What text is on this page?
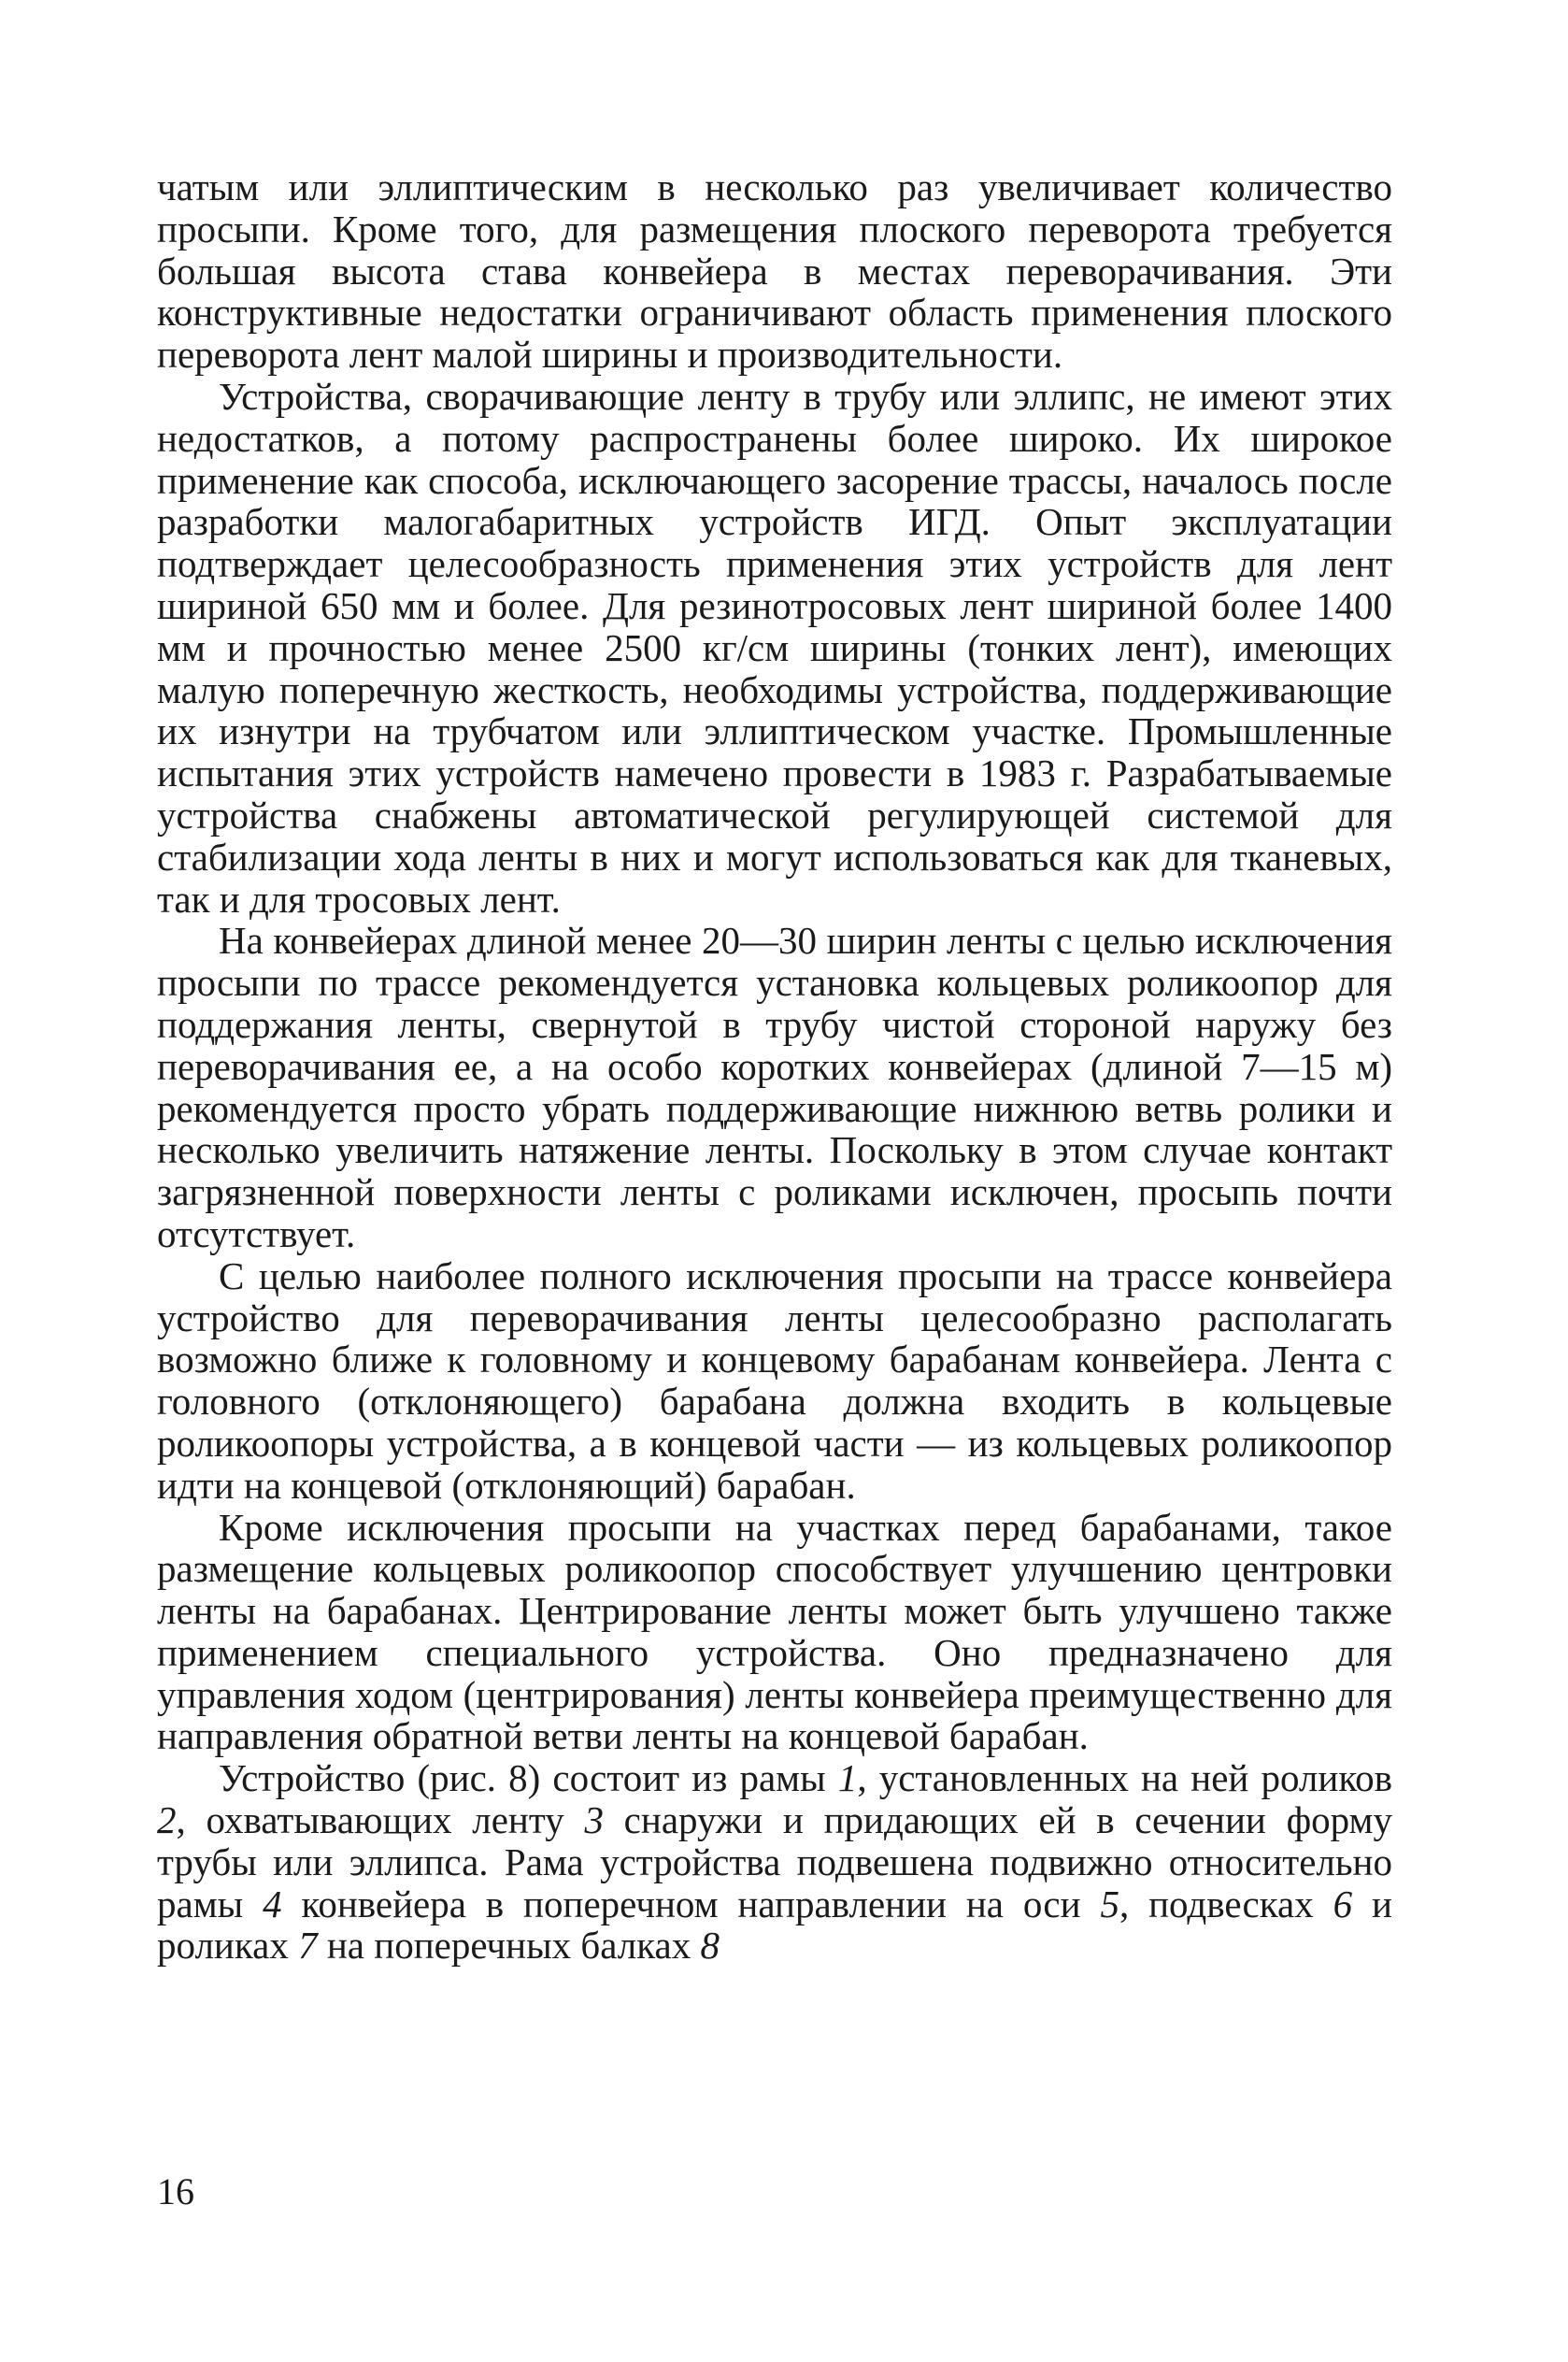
чатым или эллиптическим в несколько раз увеличивает количество просыпи. Кроме того, для размещения плоского переворота требуется большая высота става конвейера в местах переворачивания. Эти конструктивные недостатки ограничивают область применения плоского переворота лент малой ширины и производительности.

Устройства, сворачивающие ленту в трубу или эллипс, не имеют этих недостатков, а потому распространены более широко. Их широкое применение как способа, исключающего засорение трассы, началось после разработки малогабаритных устройств ИГД. Опыт эксплуатации подтверждает целесообразность применения этих устройств для лент шириной 650 мм и более. Для резинотросовых лент шириной более 1400 мм и прочностью менее 2500 кг/см ширины (тонких лент), имеющих малую поперечную жесткость, необходимы устройства, поддерживающие их изнутри на трубчатом или эллиптическом участке. Промышленные испытания этих устройств намечено провести в 1983 г. Разрабатываемые устройства снабжены автоматической регулирующей системой для стабилизации хода ленты в них и могут использоваться как для тканевых, так и для тросовых лент.

На конвейерах длиной менее 20—30 ширин ленты с целью исключения просыпи по трассе рекомендуется установка кольцевых роликоопор для поддержания ленты, свернутой в трубу чистой стороной наружу без переворачивания ее, а на особо коротких конвейерах (длиной 7—15 м) рекомендуется просто убрать поддерживающие нижнюю ветвь ролики и несколько увеличить натяжение ленты. Поскольку в этом случае контакт загрязненной поверхности ленты с роликами исключен, просыпь почти отсутствует.

С целью наиболее полного исключения просыпи на трассе конвейера устройство для переворачивания ленты целесообразно располагать возможно ближе к головному и концевому барабанам конвейера. Лента с головного (отклоняющего) барабана должна входить в кольцевые роликоопоры устройства, а в концевой части — из кольцевых роликоопор идти на концевой (отклоняющий) барабан.

Кроме исключения просыпи на участках перед барабанами, такое размещение кольцевых роликоопор способствует улучшению центровки ленты на барабанах. Центрирование ленты может быть улучшено также применением специального устройства. Оно предназначено для управления ходом (центрирования) ленты конвейера преимущественно для направления обратной ветви ленты на концевой барабан.

Устройство (рис. 8) состоит из рамы 1, установленных на ней роликов 2, охватывающих ленту 3 снаружи и придающих ей в сечении форму трубы или эллипса. Рама устройства подвешена подвижно относительно рамы 4 конвейера в поперечном направлении на оси 5, подвесках 6 и роликах 7 на поперечных балках 8

16
